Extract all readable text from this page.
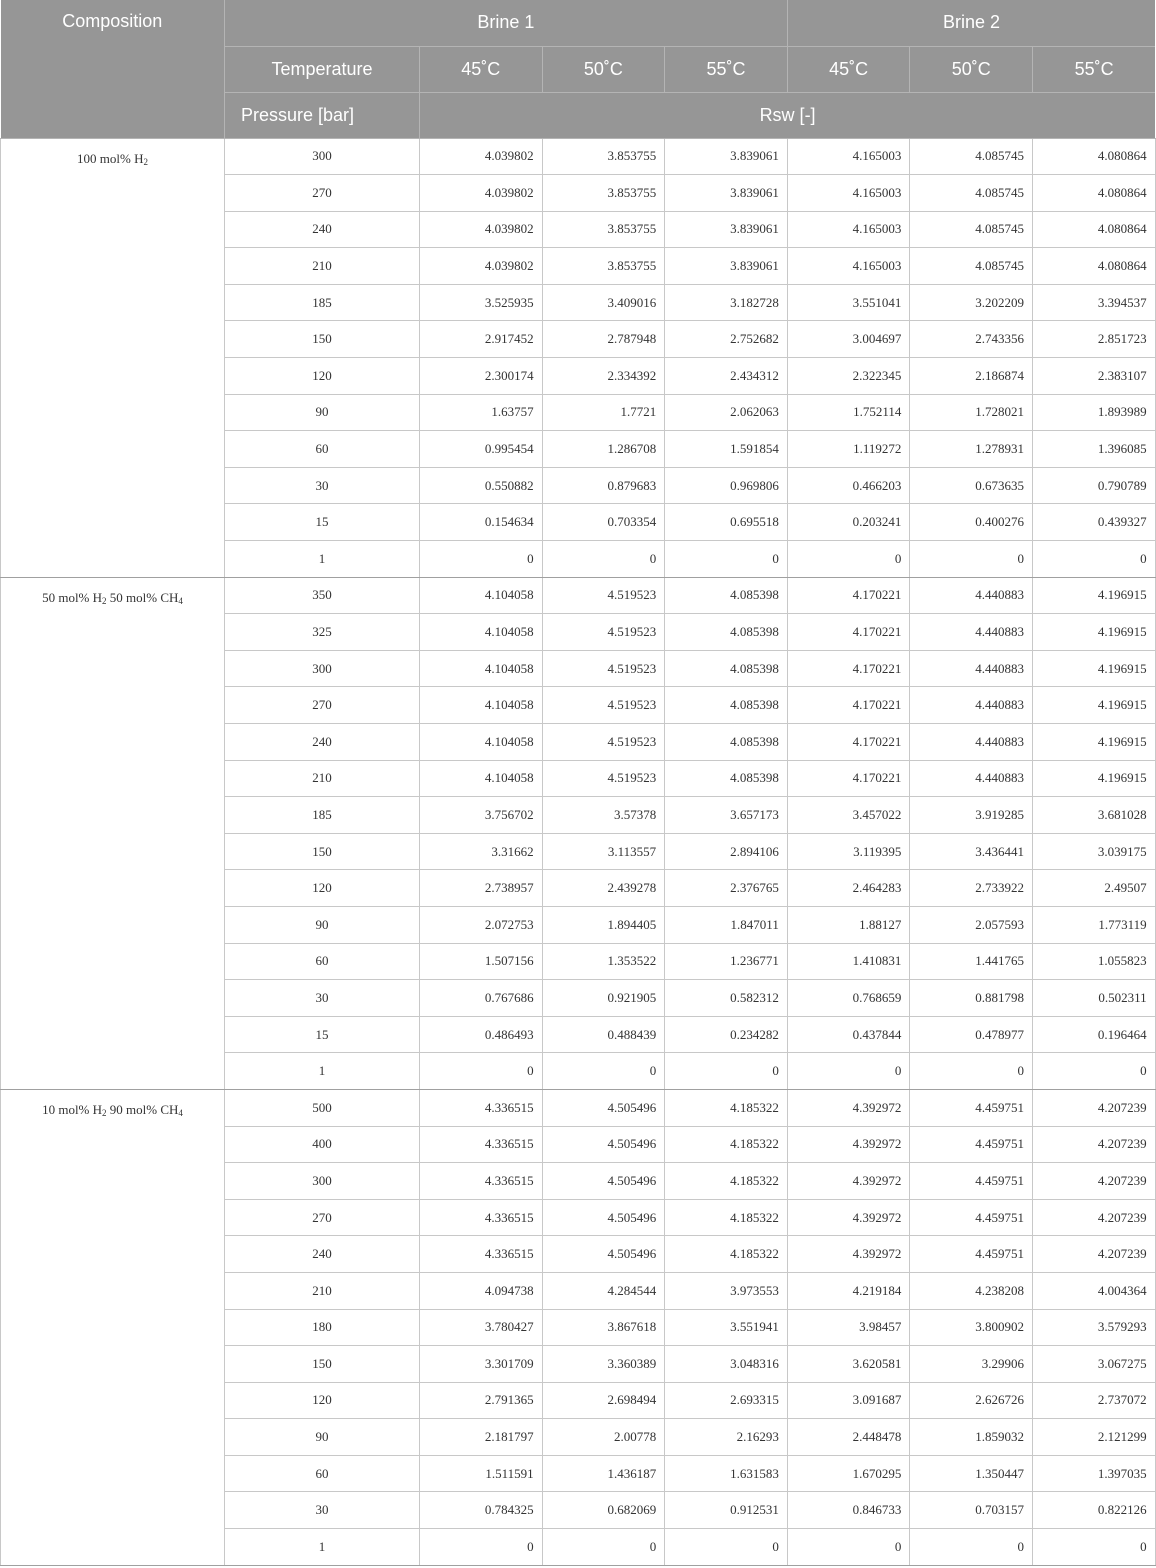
Composition	Brine 1				Brine 2		
	Temperature	45˚C	50˚C	55˚C	45˚C	50˚C	55˚C
	Pressure [bar]	Rsw [-]					
100 mol% $H_2$	300	4.039802	3.853755	3.839061	4.165003	4.085745	4.080864
	270	4.039802	3.853755	3.839061	4.165003	4.085745	4.080864
	240	4.039802	3.853755	3.839061	4.165003	4.085745	4.080864
	210	4.039802	3.853755	3.839061	4.165003	4.085745	4.080864
	185	3.525935	3.409016	3.182728	3.551041	3.202209	3.394537
	150	2.917452	2.787948	2.752682	3.004697	2.743356	2.851723
	120	2.300174	2.334392	2.434312	2.322345	2.186874	2.383107
	90	1.63757	1.7721	2.062063	1.752114	1.728021	1.893989
	60	0.995454	1.286708	1.591854	1.119272	1.278931	1.396085
	30	0.550882	0.879683	0.969806	0.466203	0.673635	0.790789
	15	0.154634	0.703354	0.695518	0.203241	0.400276	0.439327
	1	0	0	0	0	0	0
50 mol% $H_2$ 50 mol% $CH_4$	350	4.104058	4.519523	4.085398	4.170221	4.440883	4.196915
	325	4.104058	4.519523	4.085398	4.170221	4.440883	4.196915
	300	4.104058	4.519523	4.085398	4.170221	4.440883	4.196915
	270	4.104058	4.519523	4.085398	4.170221	4.440883	4.196915
	240	4.104058	4.519523	4.085398	4.170221	4.440883	4.196915
	210	4.104058	4.519523	4.085398	4.170221	4.440883	4.196915
	185	3.756702	3.57378	3.657173	3.457022	3.919285	3.681028
	150	3.31662	3.113557	2.894106	3.119395	3.436441	3.039175
	120	2.738957	2.439278	2.376765	2.464283	2.733922	2.49507
	90	2.072753	1.894405	1.847011	1.88127	2.057593	1.773119
	60	1.507156	1.353522	1.236771	1.410831	1.441765	1.055823
	30	0.767686	0.921905	0.582312	0.768659	0.881798	0.502311
	15	0.486493	0.488439	0.234282	0.437844	0.478977	0.196464
	1	0	0	0	0	0	0
10 mol% $H_2$ 90 mol% $CH_4$	500	4.336515	4.505496	4.185322	4.392972	4.459751	4.207239
	400	4.336515	4.505496	4.185322	4.392972	4.459751	4.207239
	300	4.336515	4.505496	4.185322	4.392972	4.459751	4.207239
	270	4.336515	4.505496	4.185322	4.392972	4.459751	4.207239
	240	4.336515	4.505496	4.185322	4.392972	4.459751	4.207239
	210	4.094738	4.284544	3.973553	4.219184	4.238208	4.004364
	180	3.780427	3.867618	3.551941	3.98457	3.800902	3.579293
	150	3.301709	3.360389	3.048316	3.620581	3.29906	3.067275
	120	2.791365	2.698494	2.693315	3.091687	2.626726	2.737072
	90	2.181797	2.00778	2.16293	2.448478	1.859032	2.121299
	60	1.511591	1.436187	1.631583	1.670295	1.350447	1.397035
	30	0.784325	0.682069	0.912531	0.846733	0.703157	0.822126
	1	0	0	0	0	0	0
